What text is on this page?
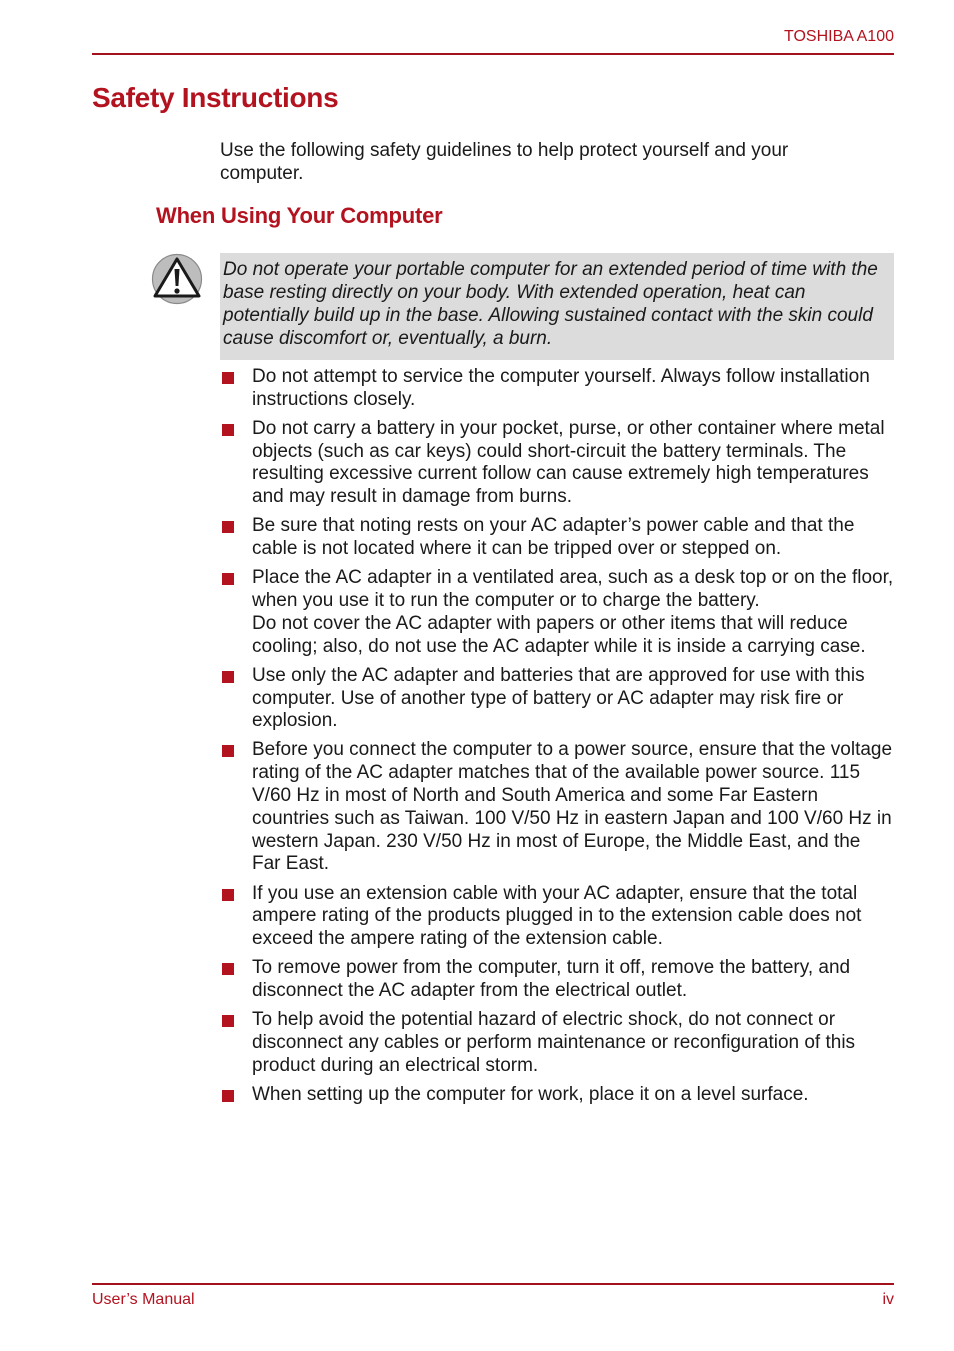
TOSHIBA A100
Safety Instructions

Use the following safety guidelines to help protect yourself and your computer.

When Using Your Computer

Do not operate your portable computer for an extended period of time with the base resting directly on your body. With extended operation, heat can potentially build up in the base. Allowing sustained contact with the skin could cause discomfort or, eventually, a burn.

Do not attempt to service the computer yourself. Always follow installation instructions closely.
Do not carry a battery in your pocket, purse, or other container where metal objects (such as car keys) could short-circuit the battery terminals. The resulting excessive current follow can cause extremely high temperatures and may result in damage from burns.
Be sure that noting rests on your AC adapter’s power cable and that the cable is not located where it can be tripped over or stepped on.
Place the AC adapter in a ventilated area, such as a desk top or on the floor, when you use it to run the computer or to charge the battery.
Do not cover the AC adapter with papers or other items that will reduce cooling; also, do not use the AC adapter while it is inside a carrying case.
Use only the AC adapter and batteries that are approved for use with this computer. Use of another type of battery or AC adapter may risk fire or explosion.
Before you connect the computer to a power source, ensure that the voltage rating of the AC adapter matches that of the available power source. 115 V/60 Hz in most of North and South America and some Far Eastern countries such as Taiwan. 100 V/50 Hz in eastern Japan and 100 V/60 Hz in western Japan. 230 V/50 Hz in most of Europe, the Middle East, and the Far East.
If you use an extension cable with your AC adapter, ensure that the total ampere rating of the products plugged in to the extension cable does not exceed the ampere rating of the extension cable.
To remove power from the computer, turn it off, remove the battery, and disconnect the AC adapter from the electrical outlet.
To help avoid the potential hazard of electric shock, do not connect or disconnect any cables or perform maintenance or reconfiguration of this product during an electrical storm.
When setting up the computer for work, place it on a level surface.
User’s Manual	iv
